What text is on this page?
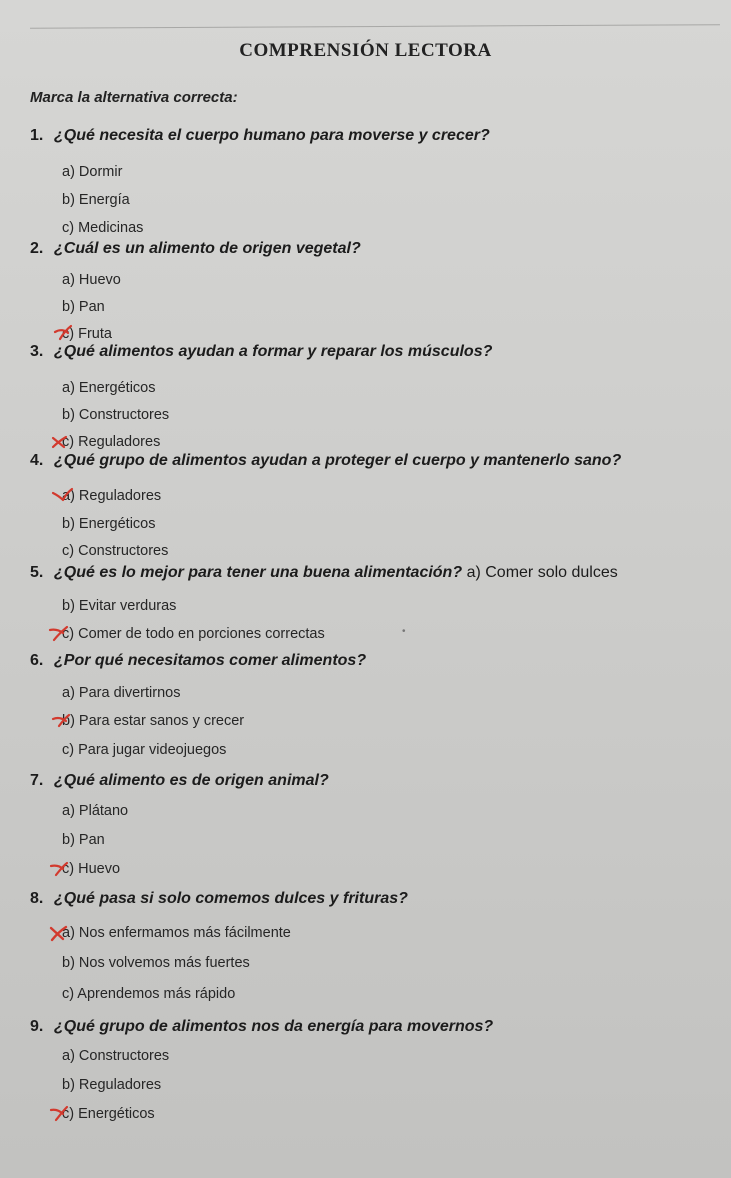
COMPRENSIÓN LECTORA
Marca la alternativa correcta:
1. ¿Qué necesita el cuerpo humano para moverse y crecer?
a) Dormir
b) Energía
c) Medicinas
2. ¿Cuál es un alimento de origen vegetal?
a) Huevo
b) Pan
c) Fruta
3. ¿Qué alimentos ayudan a formar y reparar los músculos?
a) Energéticos
b) Constructores
c) Reguladores
4. ¿Qué grupo de alimentos ayudan a proteger el cuerpo y mantenerlo sano?
a) Reguladores
b) Energéticos
c) Constructores
5. ¿Qué es lo mejor para tener una buena alimentación? a) Comer solo dulces
b) Evitar verduras
c) Comer de todo en porciones correctas	•
6. ¿Por qué necesitamos comer alimentos?
a) Para divertirnos
b) Para estar sanos y crecer
c) Para jugar videojuegos
7. ¿Qué alimento es de origen animal?
a) Plátano
b) Pan
c) Huevo
8. ¿Qué pasa si solo comemos dulces y frituras?
a) Nos enfermamos más fácilmente
b) Nos volvemos más fuertes
c) Aprendemos más rápido
9. ¿Qué grupo de alimentos nos da energía para movernos?
a) Constructores
b) Reguladores
c) Energéticos
